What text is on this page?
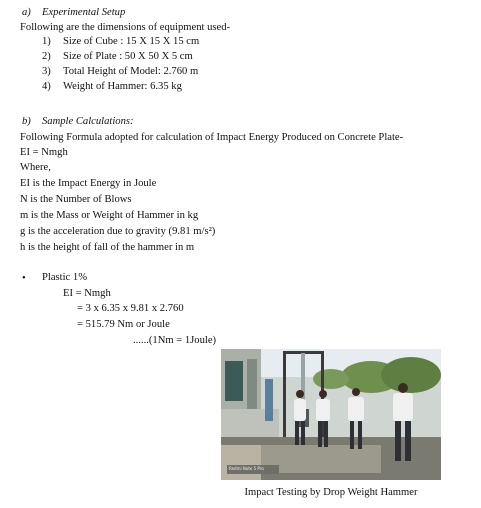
a) Experimental Setup
Following are the dimensions of equipment used-
1) Size of Cube : 15 X 15 X 15 cm
2) Size of Plate : 50 X 50 X 5 cm
3) Total Height of Model: 2.760 m
4) Weight of Hammer: 6.35 kg
b) Sample Calculations:
Following Formula adopted for calculation of Impact Energy Produced on Concrete Plate-
EI = Nmgh
Where,
EI is the Impact Energy in Joule
N is the Number of Blows
m is the Mass or Weight of Hammer in kg
g is the acceleration due to gravity (9.81 m/s²)
h is the height of fall of the hammer in m
• Plastic 1%
EI = Nmgh
= 3 x 6.35 x 9.81 x 2.760
= 515.79 Nm or Joule
......(1Nm = 1Joule)
Redmi Note 5 Pro
Impact Testing by Drop Weight Hammer
